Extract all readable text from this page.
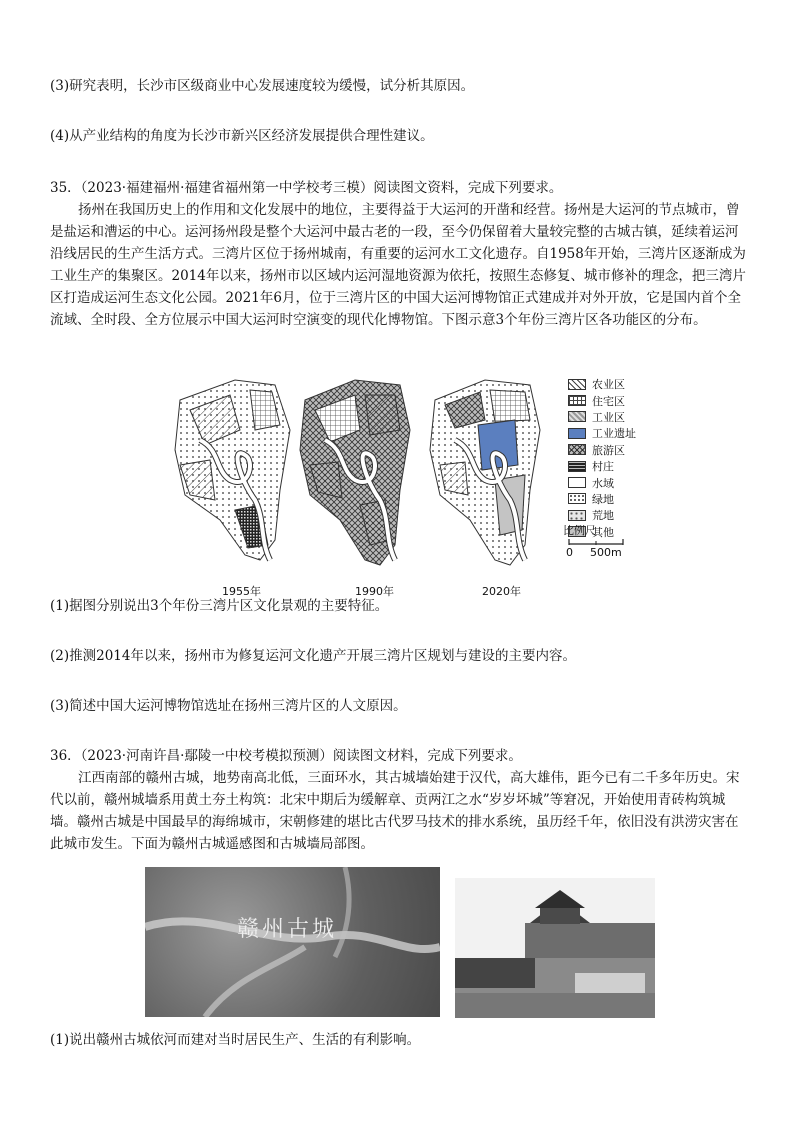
(3)研究表明，长沙市区级商业中心发展速度较为缓慢，试分析其原因。
(4)从产业结构的角度为长沙市新兴区经济发展提供合理性建议。
35．（2023·福建福州·福建省福州第一中学校考三模）阅读图文资料，完成下列要求。
扬州在我国历史上的作用和文化发展中的地位，主要得益于大运河的开凿和经营。扬州是大运河的节点城市，曾是盐运和漕运的中心。运河扬州段是整个大运河中最古老的一段，至今仍保留着大量较完整的古城古镇，延续着运河沿线居民的生产生活方式。三湾片区位于扬州城南，有重要的运河水工文化遗存。自1958年开始，三湾片区逐渐成为工业生产的集聚区。2014年以来，扬州市以区域内运河湿地资源为依托，按照生态修复、城市修补的理念，把三湾片区打造成运河生态文化公园。2021年6月，位于三湾片区的中国大运河博物馆正式建成并对外开放，它是国内首个全流域、全时段、全方位展示中国大运河时空演变的现代化博物馆。下图示意3个年份三湾片区各功能区的分布。
1955年	1990年	2020年
农业区
住宅区
工业区
工业遗址
旅游区
村庄
水域
绿地
荒地
其他
比例尺
0 500m
(1)据图分别说出3个年份三湾片区文化景观的主要特征。
(2)推测2014年以来，扬州市为修复运河文化遗产开展三湾片区规划与建设的主要内容。
(3)简述中国大运河博物馆选址在扬州三湾片区的人文原因。
36．（2023·河南许昌·鄢陵一中校考模拟预测）阅读图文材料，完成下列要求。
江西南部的赣州古城，地势南高北低，三面环水，其古城墙始建于汉代，高大雄伟，距今已有二千多年历史。宋代以前，赣州城墙系用黄土夯土构筑：北宋中期后为缓解章、贡两江之水“岁岁坏城”等窘况，开始使用青砖构筑城墙。赣州古城是中国最早的海绵城市，宋朝修建的堪比古代罗马技术的排水系统，虽历经千年，依旧没有洪涝灾害在此城市发生。下面为赣州古城遥感图和古城墙局部图。
赣州古城
(1)说出赣州古城依河而建对当时居民生产、生活的有利影响。
